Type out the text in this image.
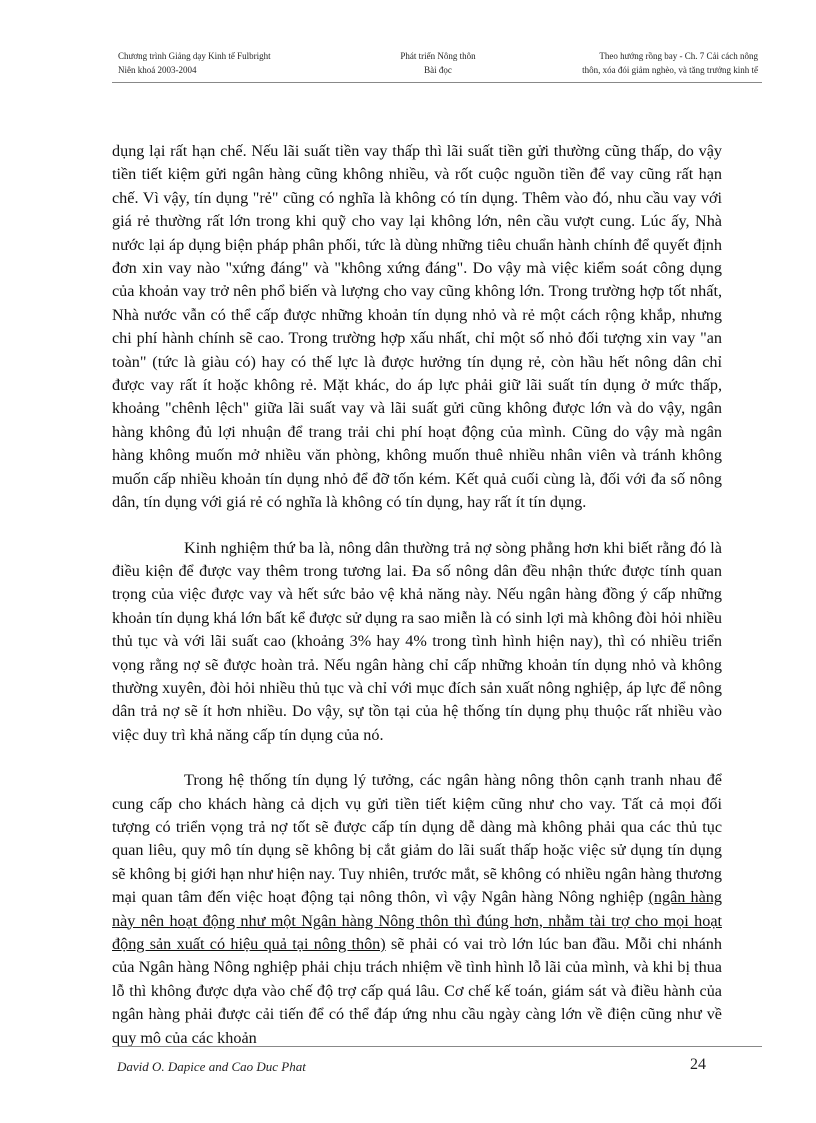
Chương trình Giảng dạy Kinh tế Fulbright
Niên khoá 2003-2004
Phát triển Nông thôn
Bài đọc
Theo hướng rồng bay - Ch. 7 Cải cách nông
thôn, xóa đói giảm nghèo, và tăng trưởng kinh tế

dụng lại rất hạn chế. Nếu lãi suất tiền vay thấp thì lãi suất tiền gửi thường cũng thấp, do vậy tiền tiết kiệm gửi ngân hàng cũng không nhiều, và rốt cuộc nguồn tiền để vay cũng rất hạn chế. Vì vậy, tín dụng "rẻ" cũng có nghĩa là không có tín dụng. Thêm vào đó, nhu cầu vay với giá rẻ thường rất lớn trong khi quỹ cho vay lại không lớn, nên cầu vượt cung. Lúc ấy, Nhà nước lại áp dụng biện pháp phân phối, tức là dùng những tiêu chuẩn hành chính để quyết định đơn xin vay nào "xứng đáng" và "không xứng đáng". Do vậy mà việc kiểm soát công dụng của khoản vay trở nên phổ biến và lượng cho vay cũng không lớn. Trong trường hợp tốt nhất, Nhà nước vẫn có thể cấp được những khoản tín dụng nhỏ và rẻ một cách rộng khắp, nhưng chi phí hành chính sẽ cao. Trong trường hợp xấu nhất, chỉ một số nhỏ đối tượng xin vay "an toàn" (tức là giàu có) hay có thế lực là được hưởng tín dụng rẻ, còn hầu hết nông dân chỉ được vay rất ít hoặc không rẻ. Mặt khác, do áp lực phải giữ lãi suất tín dụng ở mức thấp, khoảng "chênh lệch" giữa lãi suất vay và lãi suất gửi cũng không được lớn và do vậy, ngân hàng không đủ lợi nhuận để trang trải chi phí hoạt động của mình. Cũng do vậy mà ngân hàng không muốn mở nhiều văn phòng, không muốn thuê nhiều nhân viên và tránh không muốn cấp nhiều khoản tín dụng nhỏ để đỡ tốn kém. Kết quả cuối cùng là, đối với đa số nông dân, tín dụng với giá rẻ có nghĩa là không có tín dụng, hay rất ít tín dụng.

Kinh nghiệm thứ ba là, nông dân thường trả nợ sòng phẳng hơn khi biết rằng đó là điều kiện để được vay thêm trong tương lai. Đa số nông dân đều nhận thức được tính quan trọng của việc được vay và hết sức bảo vệ khả năng này. Nếu ngân hàng đồng ý cấp những khoản tín dụng khá lớn bất kể được sử dụng ra sao miễn là có sinh lợi mà không đòi hỏi nhiều thủ tục và với lãi suất cao (khoảng 3% hay 4% trong tình hình hiện nay), thì có nhiều triển vọng rằng nợ sẽ được hoàn trả. Nếu ngân hàng chỉ cấp những khoản tín dụng nhỏ và không thường xuyên, đòi hỏi nhiều thủ tục và chỉ với mục đích sản xuất nông nghiệp, áp lực để nông dân trả nợ sẽ ít hơn nhiều. Do vậy, sự tồn tại của hệ thống tín dụng phụ thuộc rất nhiều vào việc duy trì khả năng cấp tín dụng của nó.

Trong hệ thống tín dụng lý tưởng, các ngân hàng nông thôn cạnh tranh nhau để cung cấp cho khách hàng cả dịch vụ gửi tiền tiết kiệm cũng như cho vay. Tất cả mọi đối tượng có triển vọng trả nợ tốt sẽ được cấp tín dụng dễ dàng mà không phải qua các thủ tục quan liêu, quy mô tín dụng sẽ không bị cắt giảm do lãi suất thấp hoặc việc sử dụng tín dụng sẽ không bị giới hạn như hiện nay. Tuy nhiên, trước mắt, sẽ không có nhiều ngân hàng thương mại quan tâm đến việc hoạt động tại nông thôn, vì vậy Ngân hàng Nông nghiệp (ngân hàng này nên hoạt động như một Ngân hàng Nông thôn thì đúng hơn, nhằm tài trợ cho mọi hoạt động sản xuất có hiệu quả tại nông thôn) sẽ phải có vai trò lớn lúc ban đầu. Mỗi chi nhánh của Ngân hàng Nông nghiệp phải chịu trách nhiệm về tình hình lỗ lãi của mình, và khi bị thua lỗ thì không được dựa vào chế độ trợ cấp quá lâu. Cơ chế kế toán, giám sát và điều hành của ngân hàng phải được cải tiến để có thể đáp ứng nhu cầu ngày càng lớn về điện cũng như về quy mô của các khoản

David O. Dapice and Cao Duc Phat	24
